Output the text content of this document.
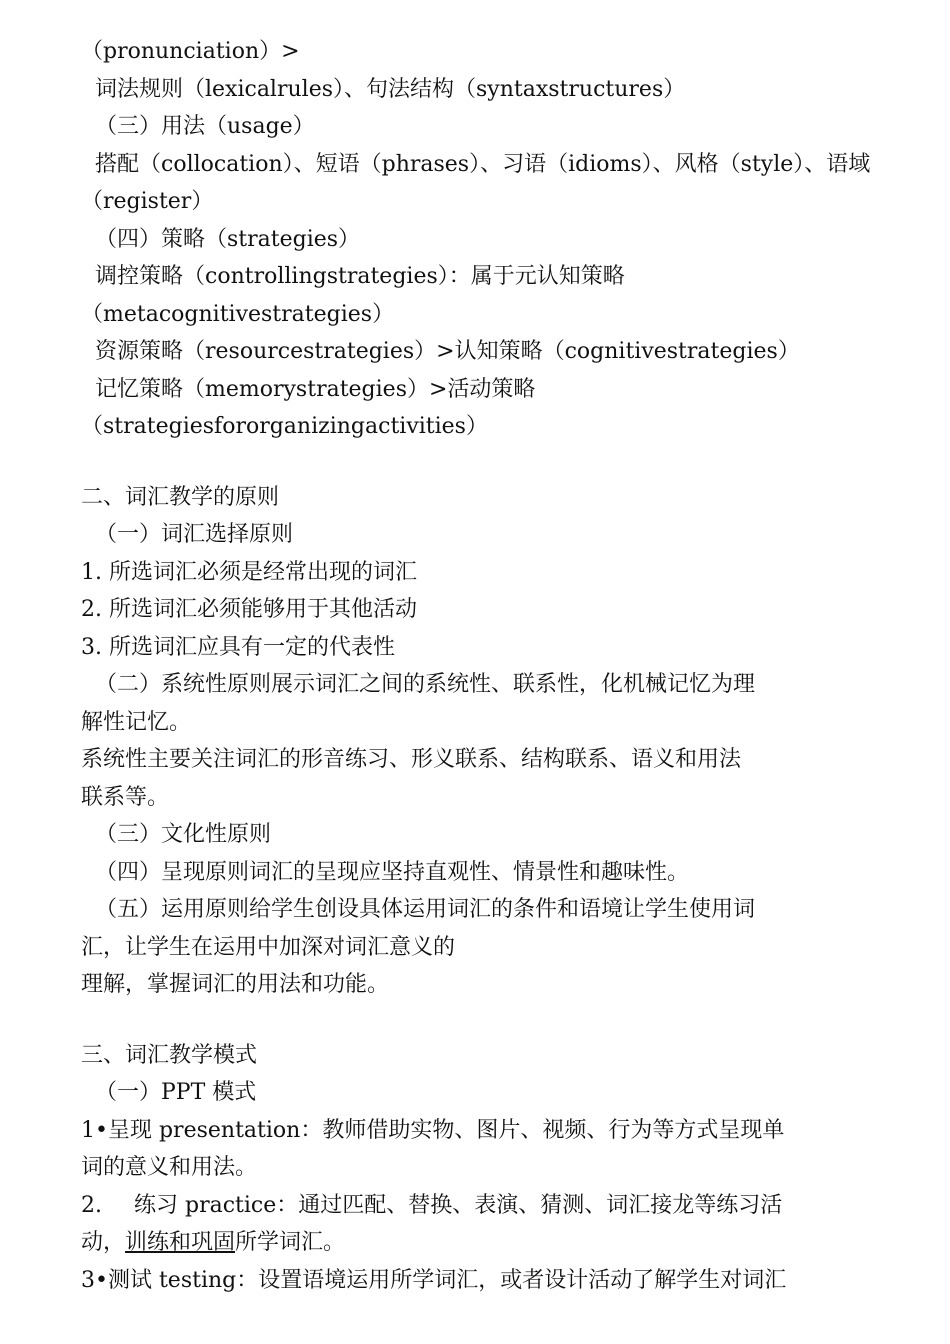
（pronunciation）>
词法规则（lexicalrules）、句法结构（syntaxstructures）
（三）用法（usage）
搭配（collocation）、短语（phrases）、习语（idioms）、风格（style）、语域
（register）
（四）策略（strategies）
调控策略（controllingstrategies）：属于元认知策略
（metacognitivestrategies）
资源策略（resourcestrategies）>认知策略（cognitivestrategies）
记忆策略（memorystrategies）>活动策略
（strategiesfororganizingactivities）
二、词汇教学的原则
（一）词汇选择原则
1. 所选词汇必须是经常出现的词汇
2. 所选词汇必须能够用于其他活动
3. 所选词汇应具有一定的代表性
（二）系统性原则展示词汇之间的系统性、联系性，化机械记忆为理
解性记忆。
系统性主要关注词汇的形音练习、形义联系、结构联系、语义和用法
联系等。
（三）文化性原则
（四）呈现原则词汇的呈现应坚持直观性、情景性和趣味性。
（五）运用原则给学生创设具体运用词汇的条件和语境让学生使用词
汇，让学生在运用中加深对词汇意义的
理解，掌握词汇的用法和功能。
三、词汇教学模式
（一）PPT 模式
1•呈现 presentation：教师借助实物、图片、视频、行为等方式呈现单
词的意义和用法。
2. 练习 practice：通过匹配、替换、表演、猜测、词汇接龙等练习活
动，训练和巩固所学词汇。
3•测试 testing：设置语境运用所学词汇，或者设计活动了解学生对词汇
